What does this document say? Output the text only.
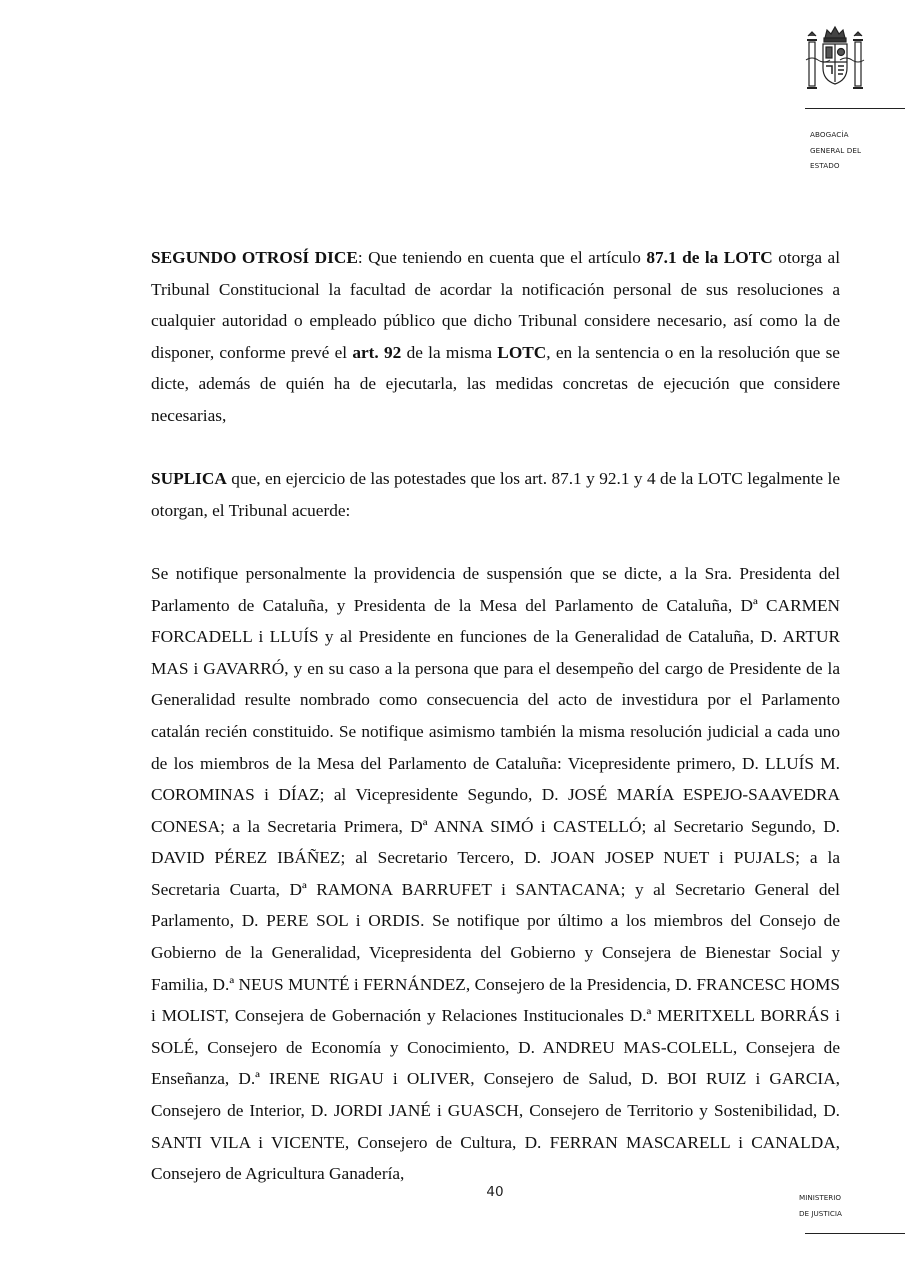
ABOGACÍA
GENERAL DEL
ESTADO

SEGUNDO OTROSÍ DICE: Que teniendo en cuenta que el artículo 87.1 de la LOTC otorga al Tribunal Constitucional la facultad de acordar la notificación personal de sus resoluciones a cualquier autoridad o empleado público que dicho Tribunal considere necesario, así como la de disponer, conforme prevé el art. 92 de la misma LOTC, en la sentencia o en la resolución que se dicte, además de quién ha de ejecutarla, las medidas concretas de ejecución que considere necesarias,

SUPLICA que, en ejercicio de las potestades que los art. 87.1 y 92.1 y 4 de la LOTC legalmente le otorgan, el Tribunal acuerde:

Se notifique personalmente la providencia de suspensión que se dicte, a la Sra. Presidenta del Parlamento de Cataluña, y Presidenta de la Mesa del Parlamento de Cataluña, Dª CARMEN FORCADELL i LLUÍS y al Presidente en funciones de la Generalidad de Cataluña, D. ARTUR MAS i GAVARRÓ, y en su caso a la persona que para el desempeño del cargo de Presidente de la Generalidad resulte nombrado como consecuencia del acto de investidura por el Parlamento catalán recién constituido. Se notifique asimismo también la misma resolución judicial a cada uno de los miembros de la Mesa del Parlamento de Cataluña: Vicepresidente primero, D. LLUÍS M. COROMINAS i DÍAZ; al Vicepresidente Segundo, D. JOSÉ MARÍA ESPEJO-SAAVEDRA CONESA; a la Secretaria Primera, Dª ANNA SIMÓ i CASTELLÓ; al Secretario Segundo, D. DAVID PÉREZ IBÁÑEZ; al Secretario Tercero, D. JOAN JOSEP NUET i PUJALS; a la Secretaria Cuarta, Dª RAMONA BARRUFET i SANTACANA; y al Secretario General del Parlamento, D. PERE SOL i ORDIS. Se notifique por último a los miembros del Consejo de Gobierno de la Generalidad, Vicepresidenta del Gobierno y Consejera de Bienestar Social y Familia, D.ª NEUS MUNTÉ i FERNÁNDEZ, Consejero de la Presidencia, D. FRANCESC HOMS i MOLIST, Consejera de Gobernación y Relaciones Institucionales D.ª MERITXELL BORRÁS i SOLÉ, Consejero de Economía y Conocimiento, D. ANDREU MAS-COLELL, Consejera de Enseñanza, D.ª IRENE RIGAU i OLIVER, Consejero de Salud, D. BOI RUIZ i GARCIA, Consejero de Interior, D. JORDI JANÉ i GUASCH, Consejero de Territorio y Sostenibilidad, D. SANTI VILA i VICENTE, Consejero de Cultura, D. FERRAN MASCARELL i CANALDA, Consejero de Agricultura Ganadería,

40	MINISTERIO
DE JUSTICIA
